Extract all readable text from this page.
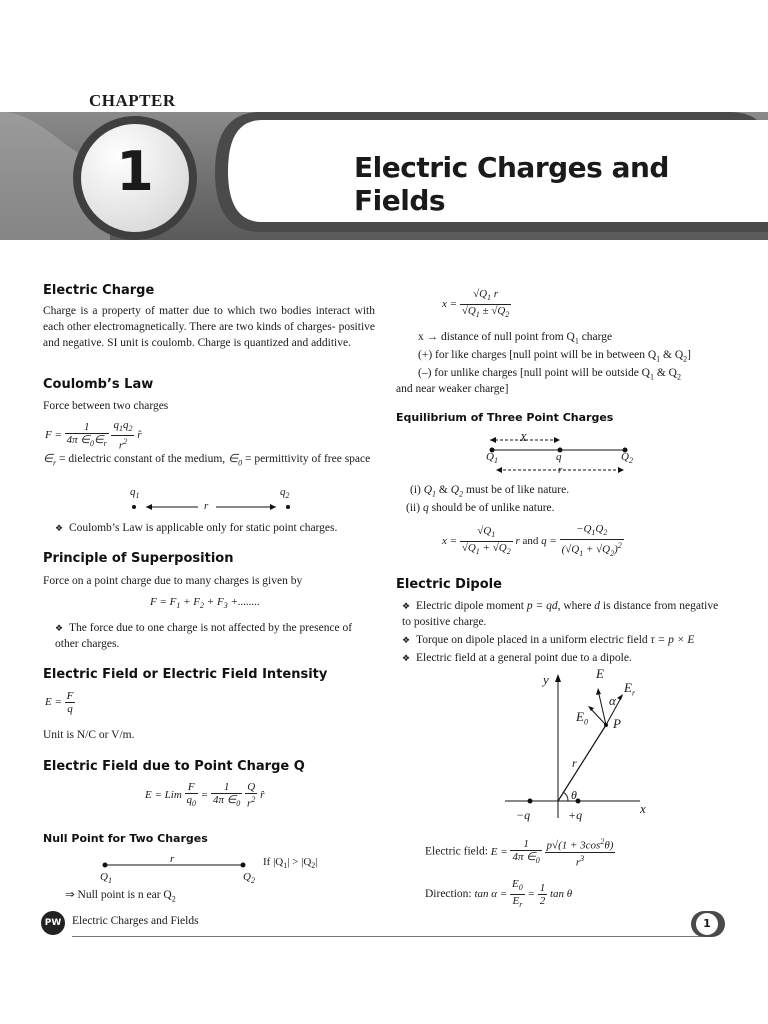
CHAPTER
1	Electric Charges and Fields
Electric Charge
Charge is a property of matter due to which two bodies interact with each other electromagnetically. There are two kinds of charges- positive and negative. SI unit is coulomb. Charge is quantized and additive.
Coulomb’s Law
Force between two charges
$F = \frac{1}{4\pi \in_0\in_r}$
$\frac{q_1q_2}{r^2}$ r̂
$\in_r$ = dielectric constant of the medium, $\in_0$ = permittivity of free space
$q_1$	$q_2$
r
❖ Coulomb’s Law is applicable only for static point charges.
Principle of Superposition
Force on a point charge due to many charges is given by
$F = F_1 + F_2 + F_3$ +........
❖ The force due to one charge is not affected by the presence of other charges.
Electric Field or Electric Field Intensity
$E = \frac{F}{q}$
Unit is N/C or V/m.
Electric Field due to Point Charge Q
E = Lim $\frac{F}{q_0} = \frac{1}{4\pi \in_0}$
$\frac{Q}{r^2}$ r̂
Null Point for Two Charges
r
$Q_1$	$Q_2$
If $|Q_1| > |Q_2|$
⇒ Null point is n ear $Q_2$
$x = \frac{√Q_1 r}{√Q_1 \pm √Q_2}$
x → distance of null point from $Q_1$ charge
(+) for like charges [null point will be in between $Q_1$ & $Q_2$]
(–) for unlike charges [null point will be outside $Q_1$ & $Q_2$
and near weaker charge]
Equilibrium of Three Point Charges
X
$Q_1$	q	$Q_2$
r
(i) $Q_1$ & $Q_2$ must be of like nature.
(ii) q should be of unlike nature.
$x = \frac{√Q_1}{√Q_1 + √Q_2}$ r and $q = \frac{-Q_1Q_2}{(√Q_1 + √Q_2)^2}$
Electric Dipole
❖ Electric dipole moment p = qd, where d is distance from negative to positive charge.
❖ Torque on dipole placed in a uniform electric field τ = p × E
❖ Electric field at a general point due to a dipole.
y	E
$E_r$
α
$E_0$ P
r
θ
x
−q	+q
Electric field: $E = \frac{1}{4\pi \in_0}$
$\frac{p√(1 + 3\cos^2\theta)}{r^3}$
Direction: $\tan \alpha = \frac{E_0}{E_r} = \frac{1}{2}$ tan θ
PW Electric Charges and Fields	1
